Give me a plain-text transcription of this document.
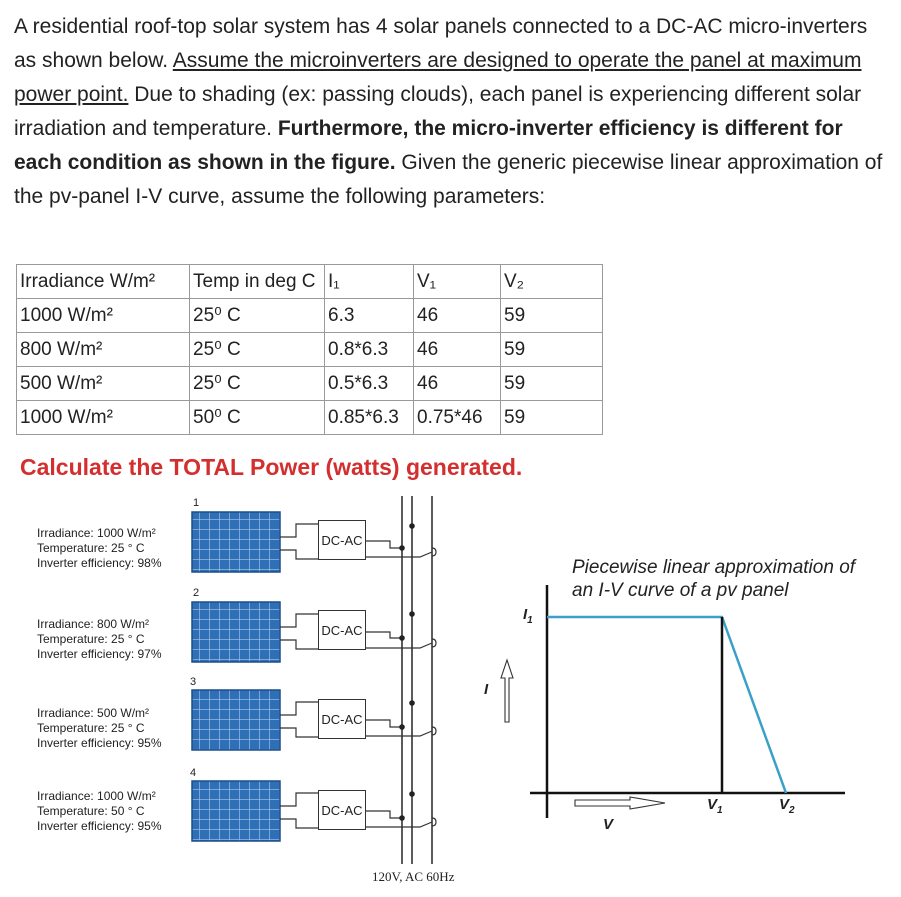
A residential roof-top solar system has 4 solar panels connected to a DC-AC micro-inverters as shown below. Assume the microinverters are designed to operate the panel at maximum power point. Due to shading (ex: passing clouds), each panel is experiencing different solar irradiation and temperature. Furthermore, the micro-inverter efficiency is different for each condition as shown in the figure. Given the generic piecewise linear approximation of the pv-panel I-V curve, assume the following parameters:
Irradiance W/m²	Temp in deg C	I₁	V₁	V₂
1000 W/m²	25⁰ C	6.3	46	59
800 W/m²	25⁰ C	0.8*6.3	46	59
500 W/m²	25⁰ C	0.5*6.3	46	59
1000 W/m²	50⁰ C	0.85*6.3	0.75*46	59
Calculate the TOTAL Power (watts) generated.
1
2
3
4
Irradiance: 1000 W/m²
Temperature: 25 ° C
Inverter efficiency: 98%
Irradiance: 800 W/m²
Temperature: 25 ° C
Inverter efficiency: 97%
Irradiance: 500 W/m²
Temperature: 25 ° C
Inverter efficiency: 95%
Irradiance: 1000 W/m²
Temperature: 50 ° C
Inverter efficiency: 95%
DC-AC
DC-AC
DC-AC
DC-AC
120V, AC 60Hz
Piecewise linear approximation of
an I-V curve of a pv panel
$I_1$
I
V
$V_1$	$V_2$
